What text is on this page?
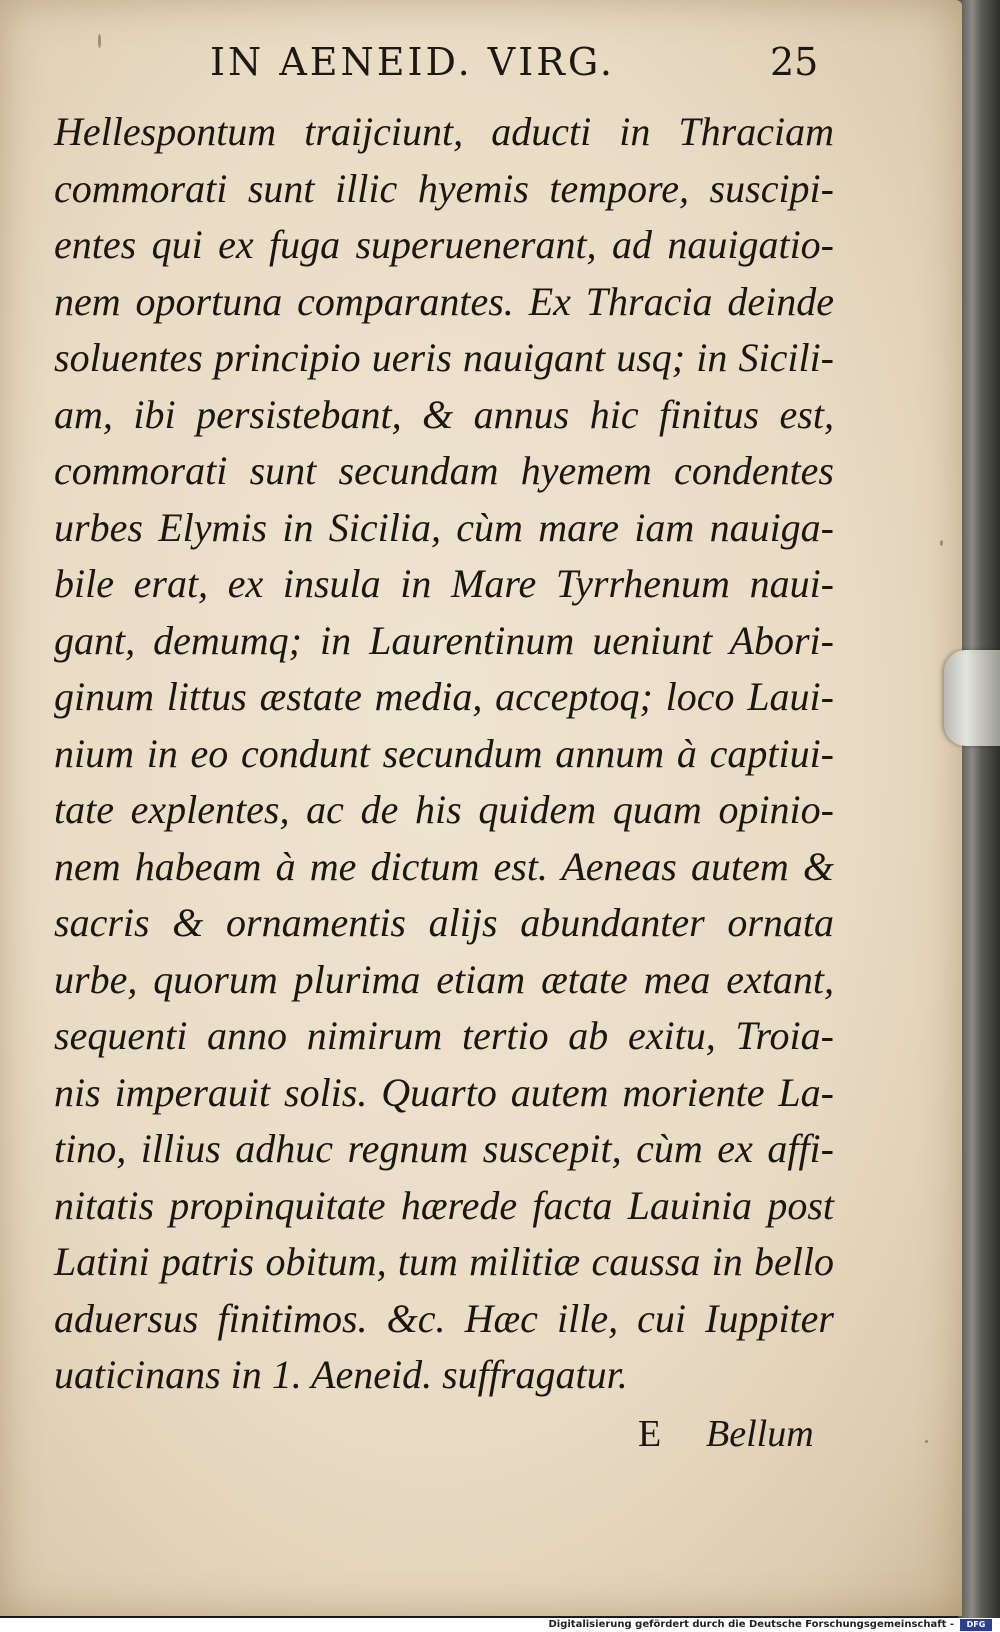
IN AENEID. VIRG.	25
Hellespontum traijciunt, aducti in Thraciam
commorati sunt illic hyemis tempore, suscipi-
entes qui ex fuga superuenerant, ad nauigatio-
nem oportuna comparantes. Ex Thracia deinde
soluentes principio ueris nauigant usq; in Sicili-
am, ibi persistebant, & annus hic finitus est,
commorati sunt secundam hyemem condentes
urbes Elymis in Sicilia, cùm mare iam nauiga-
bile erat, ex insula in Mare Tyrrhenum naui-
gant, demumq; in Laurentinum ueniunt Abori-
ginum littus æstate media, acceptoq; loco Laui-
nium in eo condunt secundum annum à captiui-
tate explentes, ac de his quidem quam opinio-
nem habeam à me dictum est. Aeneas autem &
sacris & ornamentis alijs abundanter ornata
urbe, quorum plurima etiam ætate mea extant,
sequenti anno nimirum tertio ab exitu, Troia-
nis imperauit solis. Quarto autem moriente La-
tino, illius adhuc regnum suscepit, cùm ex affi-
nitatis propinquitate hærede facta Lauinia post
Latini patris obitum, tum militiæ caussa in bello
aduersus finitimos. &c. Hæc ille, cui Iuppiter
uaticinans in 1. Aeneid. suffragatur.
E Bellum
Digitalisierung gefördert durch die Deutsche Forschungsgemeinschaft -	DFG
